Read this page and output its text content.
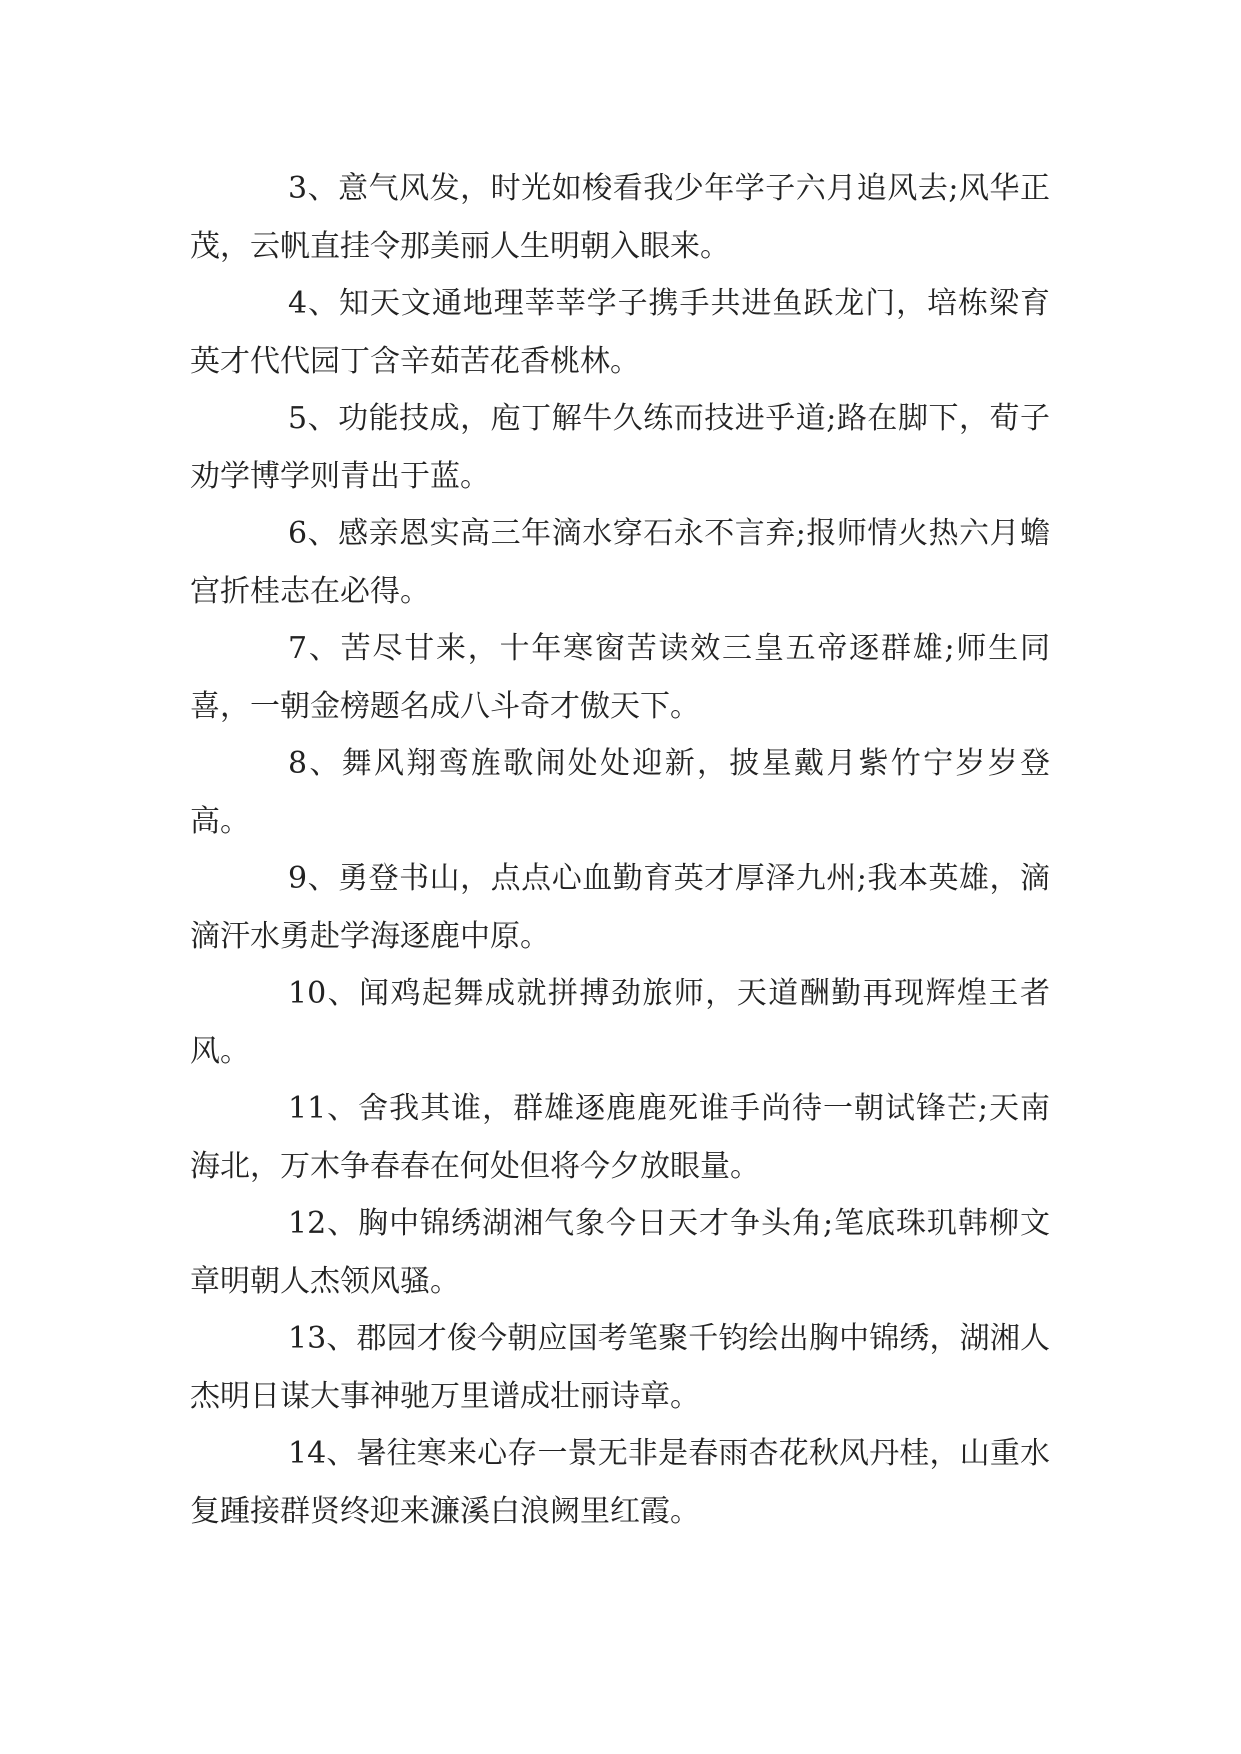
3、意气风发，时光如梭看我少年学子六月追风去;风华正茂，云帆直挂令那美丽人生明朝入眼来。

4、知天文通地理莘莘学子携手共进鱼跃龙门，培栋梁育英才代代园丁含辛茹苦花香桃林。

5、功能技成，庖丁解牛久练而技进乎道;路在脚下，荀子劝学博学则青出于蓝。

6、感亲恩实高三年滴水穿石永不言弃;报师情火热六月蟾宫折桂志在必得。

7、苦尽甘来，十年寒窗苦读效三皇五帝逐群雄;师生同喜，一朝金榜题名成八斗奇才傲天下。

8、舞风翔鸾旌歌闹处处迎新，披星戴月紫竹宁岁岁登高。

9、勇登书山，点点心血勤育英才厚泽九州;我本英雄，滴滴汗水勇赴学海逐鹿中原。

10、闻鸡起舞成就拼搏劲旅师，天道酬勤再现辉煌王者风。

11、舍我其谁，群雄逐鹿鹿死谁手尚待一朝试锋芒;天南海北，万木争春春在何处但将今夕放眼量。

12、胸中锦绣湖湘气象今日天才争头角;笔底珠玑韩柳文章明朝人杰领风骚。

13、郡园才俊今朝应国考笔聚千钧绘出胸中锦绣，湖湘人杰明日谋大事神驰万里谱成壮丽诗章。

14、暑往寒来心存一景无非是春雨杏花秋风丹桂，山重水复踵接群贤终迎来濂溪白浪阙里红霞。
